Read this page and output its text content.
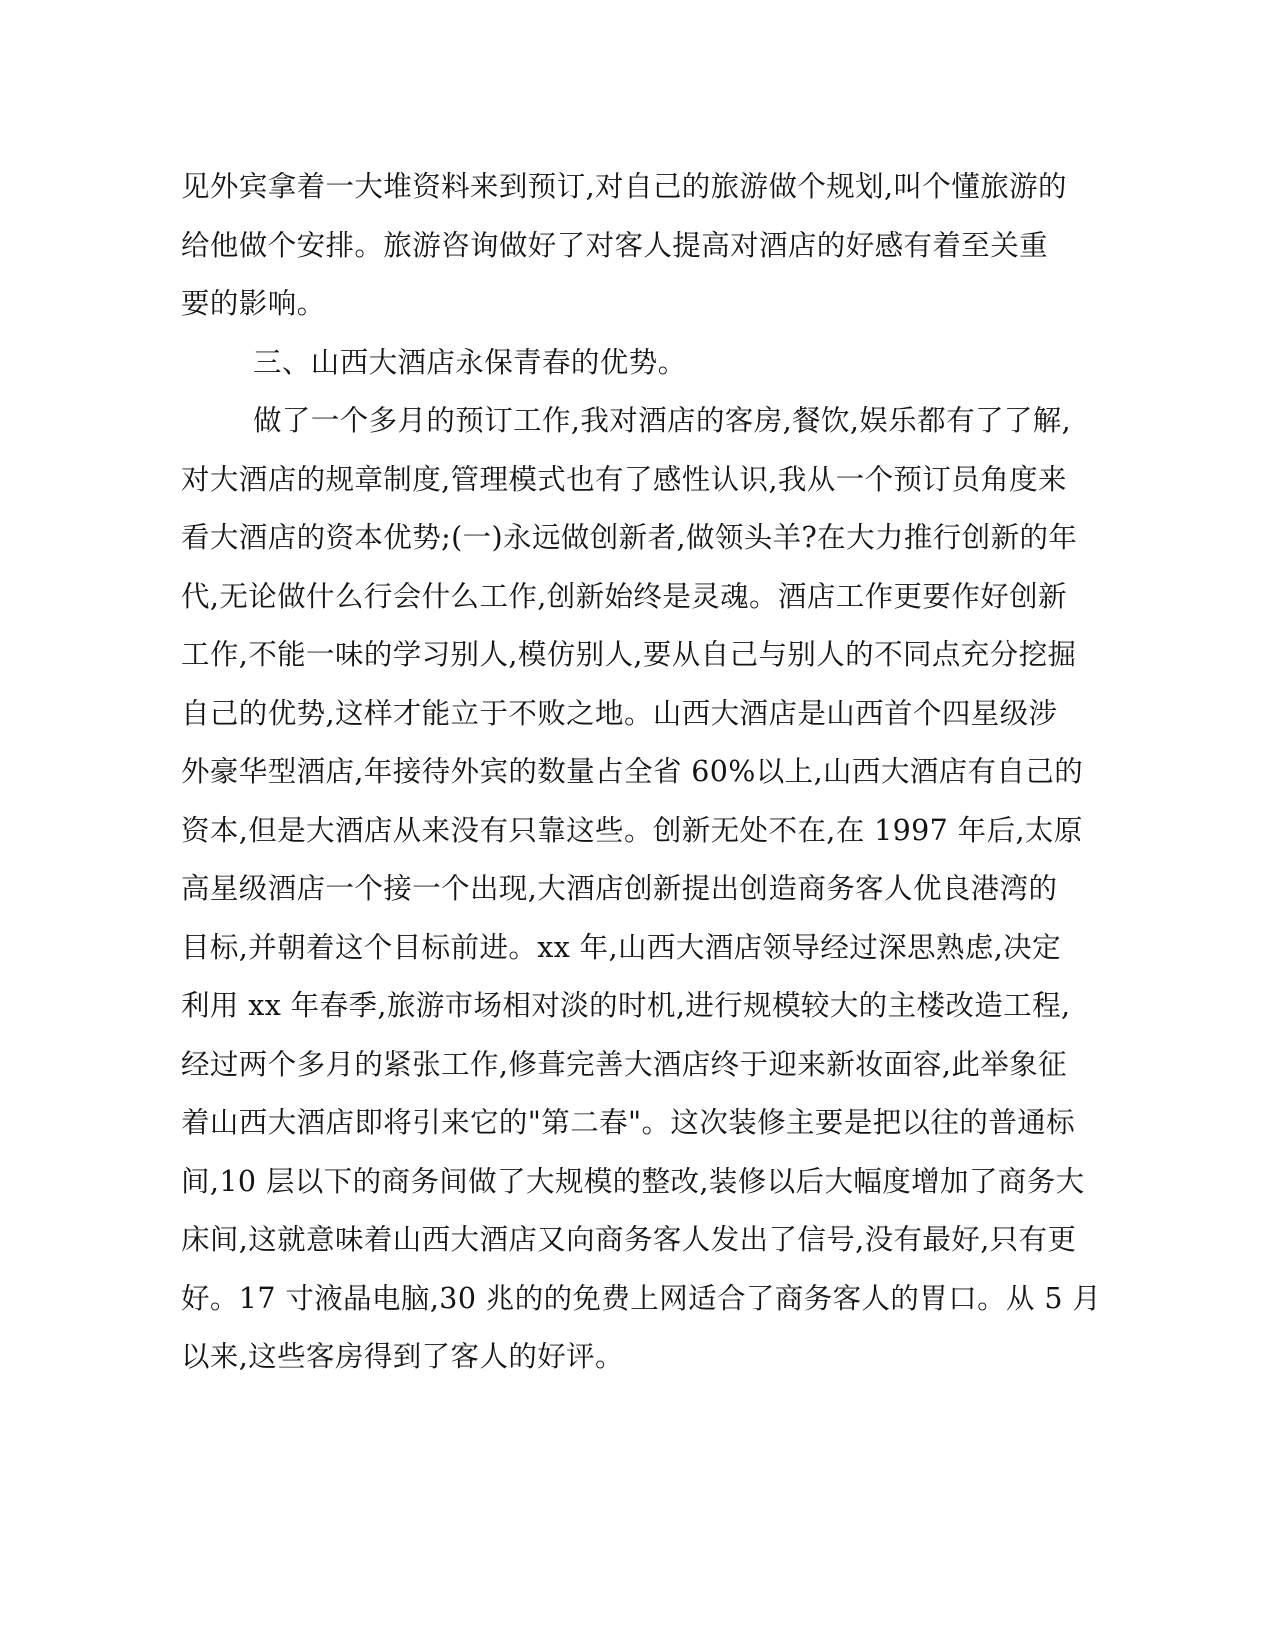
见外宾拿着一大堆资料来到预订,对自己的旅游做个规划,叫个懂旅游的
给他做个安排。旅游咨询做好了对客人提高对酒店的好感有着至关重
要的影响。
三、山西大酒店永保青春的优势。
做了一个多月的预订工作,我对酒店的客房,餐饮,娱乐都有了了解,
对大酒店的规章制度,管理模式也有了感性认识,我从一个预订员角度来
看大酒店的资本优势;(一)永远做创新者,做领头羊?在大力推行创新的年
代,无论做什么行会什么工作,创新始终是灵魂。酒店工作更要作好创新
工作,不能一味的学习别人,模仿别人,要从自己与别人的不同点充分挖掘
自己的优势,这样才能立于不败之地。山西大酒店是山西首个四星级涉
外豪华型酒店,年接待外宾的数量占全省 60%以上,山西大酒店有自己的
资本,但是大酒店从来没有只靠这些。创新无处不在,在 1997 年后,太原
高星级酒店一个接一个出现,大酒店创新提出创造商务客人优良港湾的
目标,并朝着这个目标前进。xx 年,山西大酒店领导经过深思熟虑,决定
利用 xx 年春季,旅游市场相对淡的时机,进行规模较大的主楼改造工程,
经过两个多月的紧张工作,修葺完善大酒店终于迎来新妆面容,此举象征
着山西大酒店即将引来它的"第二春"。这次装修主要是把以往的普通标
间,10 层以下的商务间做了大规模的整改,装修以后大幅度增加了商务大
床间,这就意味着山西大酒店又向商务客人发出了信号,没有最好,只有更
好。17 寸液晶电脑,30 兆的的免费上网适合了商务客人的胃口。从 5 月
以来,这些客房得到了客人的好评。
